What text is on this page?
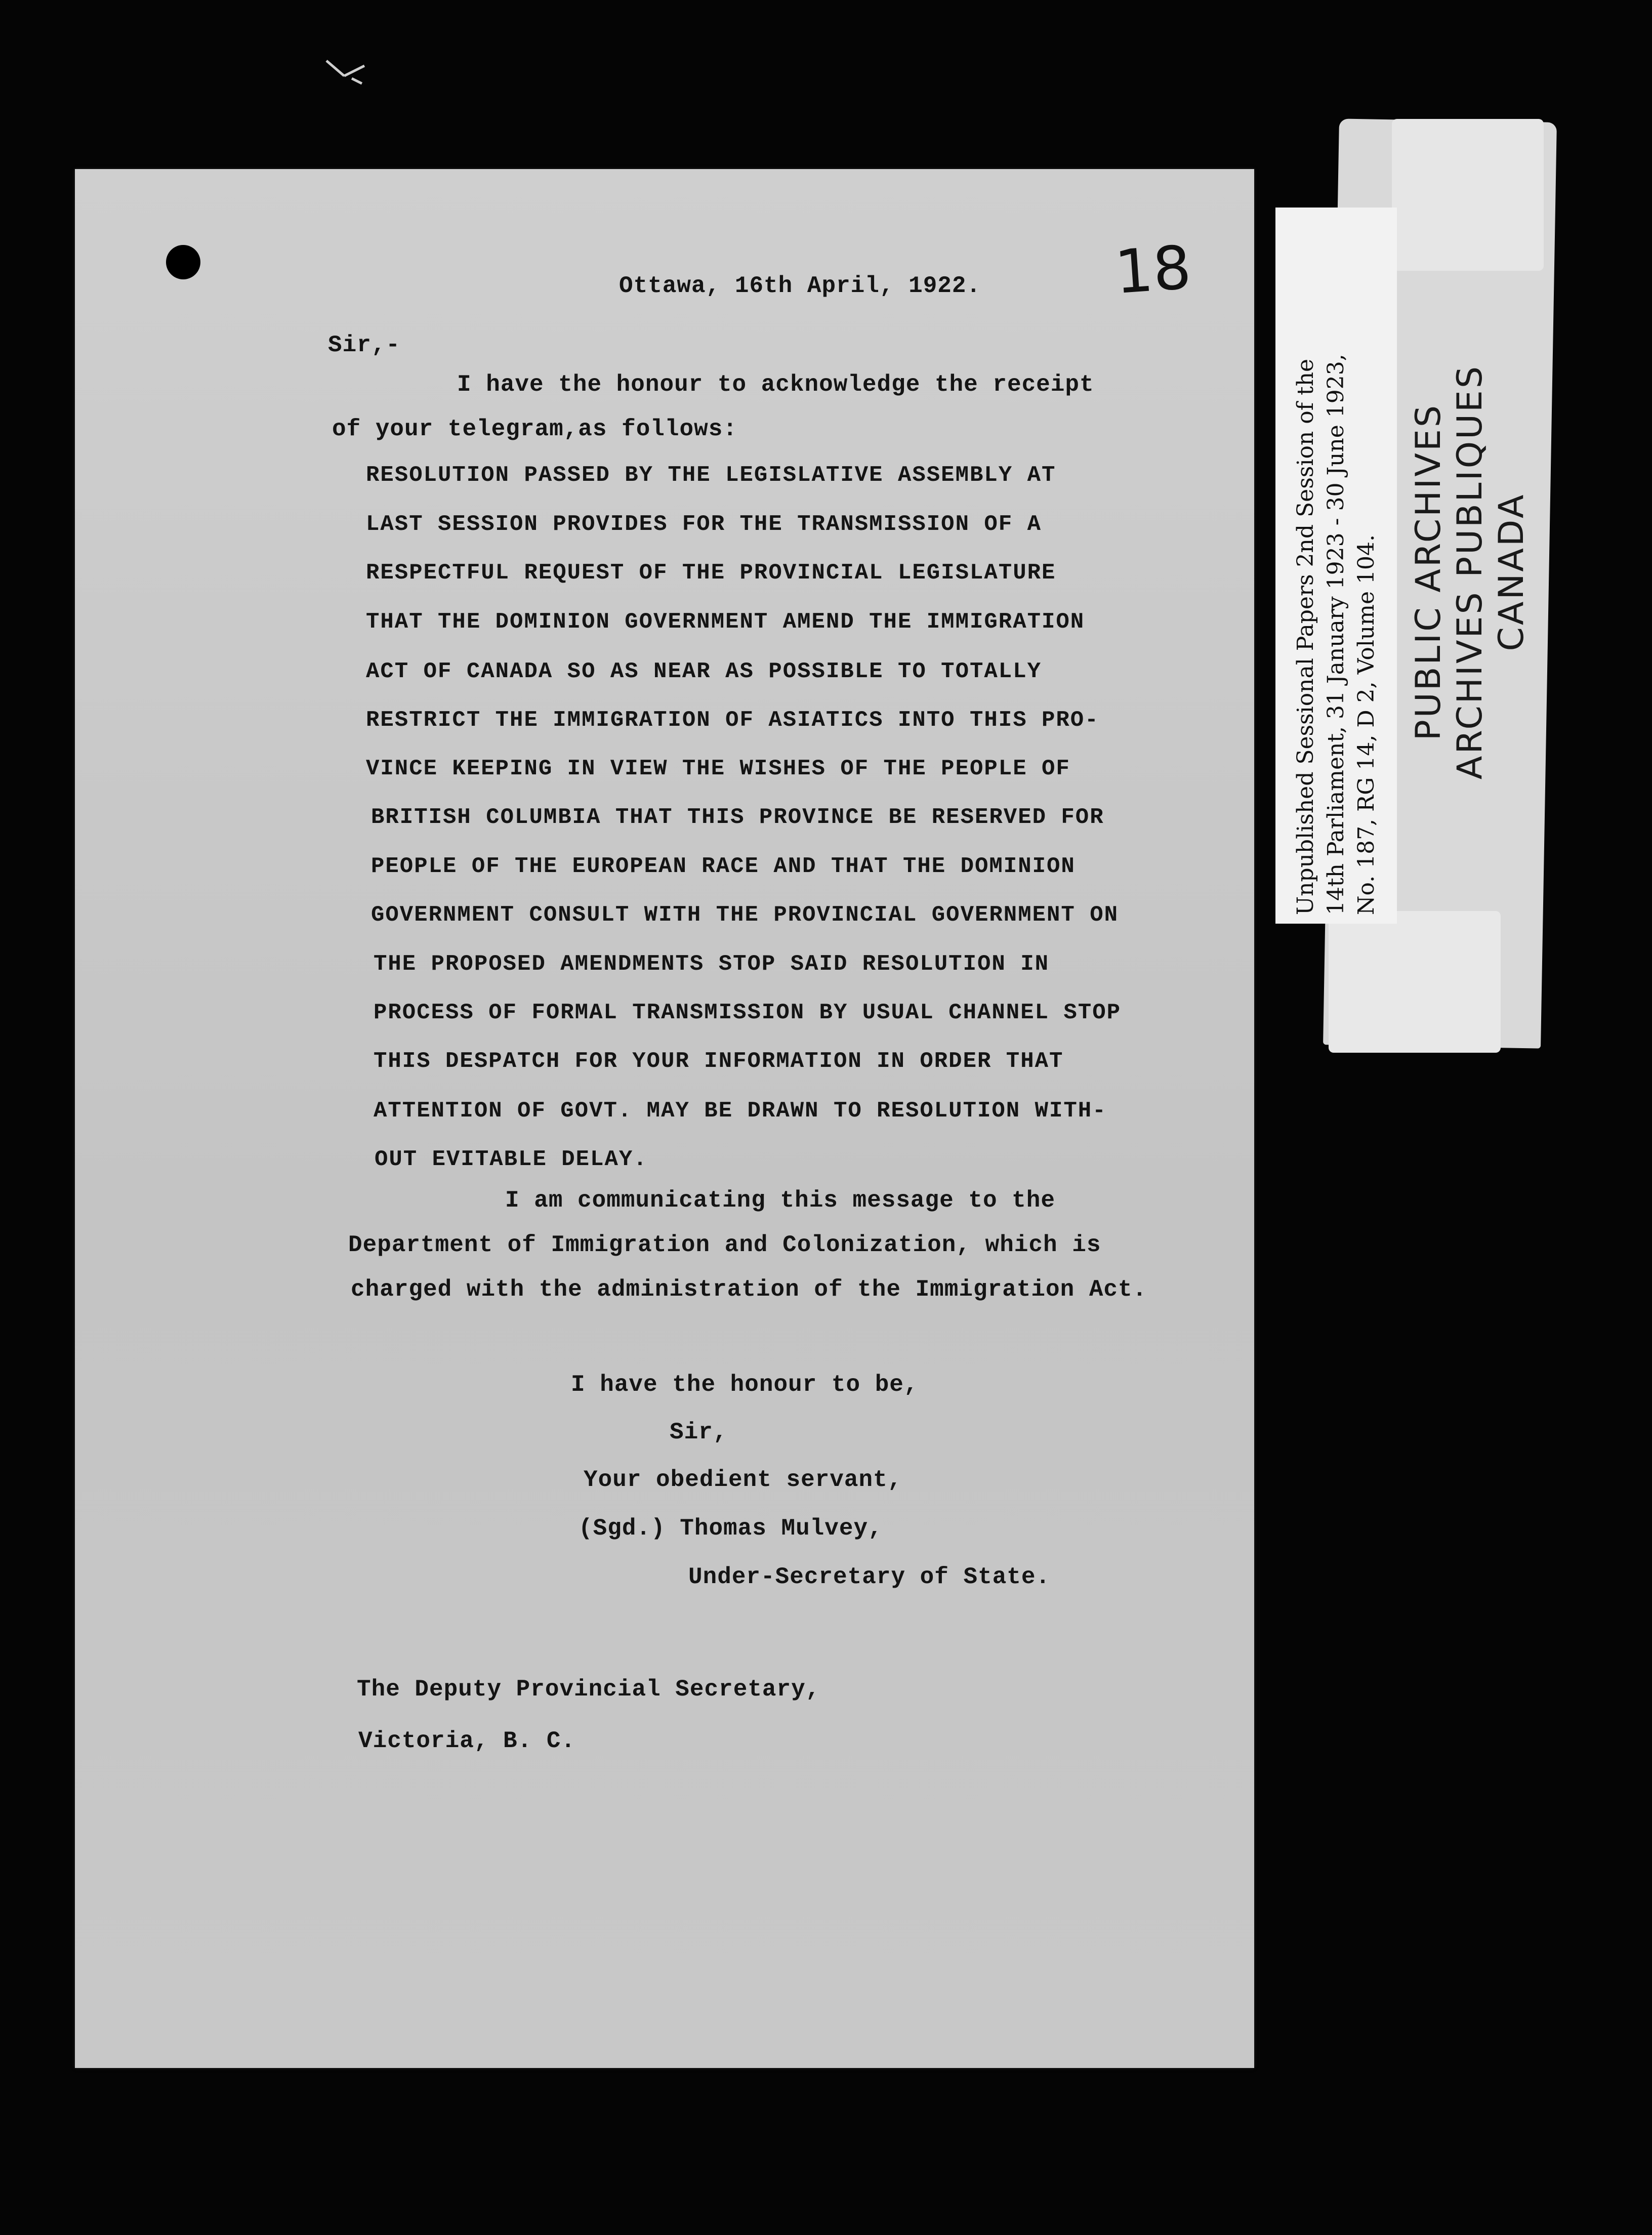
PUBLIC ARCHIVES
ARCHIVES PUBLIQUES
CANADA
Unpublished Sessional Papers 2nd Session of the
14th Parliament, 31 January 1923 - 30 June 1923,
No. 187, RG 14, D 2, Volume 104.
18
Ottawa, 16th April, 1922.
Sir,-
I have the honour to acknowledge the receipt
of your telegram,as follows:
RESOLUTION PASSED BY THE LEGISLATIVE ASSEMBLY AT
LAST SESSION PROVIDES FOR THE TRANSMISSION OF A
RESPECTFUL REQUEST OF THE PROVINCIAL LEGISLATURE
THAT THE DOMINION GOVERNMENT AMEND THE IMMIGRATION
ACT OF CANADA SO AS NEAR AS POSSIBLE TO TOTALLY
RESTRICT THE IMMIGRATION OF ASIATICS INTO THIS PRO-
VINCE KEEPING IN VIEW THE WISHES OF THE PEOPLE OF
BRITISH COLUMBIA THAT THIS PROVINCE BE RESERVED FOR
PEOPLE OF THE EUROPEAN RACE AND THAT THE DOMINION
GOVERNMENT CONSULT WITH THE PROVINCIAL GOVERNMENT ON
THE PROPOSED AMENDMENTS STOP SAID RESOLUTION IN
PROCESS OF FORMAL TRANSMISSION BY USUAL CHANNEL STOP
THIS DESPATCH FOR YOUR INFORMATION IN ORDER THAT
ATTENTION OF GOVT. MAY BE DRAWN TO RESOLUTION WITH-
OUT EVITABLE DELAY.
I am communicating this message to the
Department of Immigration and Colonization, which is
charged with the administration of the Immigration Act.
I have the honour to be,
Sir,
Your obedient servant,
(Sgd.) Thomas Mulvey,
Under-Secretary of State.
The Deputy Provincial Secretary,
Victoria, B. C.
